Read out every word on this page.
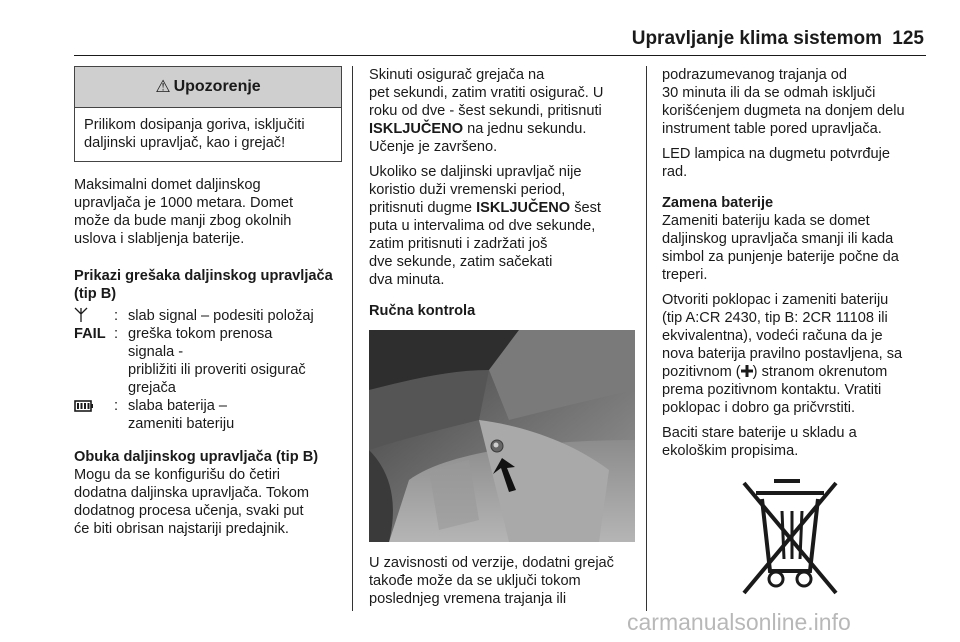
Upravljanje klima sistemom 125
⚠ Upozorenje
Prilikom dosipanja goriva, isključiti daljinski upravljač, kao i grejač!

Maksimalni domet daljinskog
upravljača je 1000 metara. Domet
može da bude manji zbog okolnih
uslova i slabljenja baterije.

Prikazi grešaka daljinskog upravljača
(tip B)
: slab signal – podesiti položaj
FAIL : greška tokom prenosa
signala -
približiti ili proveriti osigurač
grejača
: slaba baterija –
zameniti bateriju
Obuka daljinskog upravljača (tip B)

Mogu da se konfigurišu do četiri
dodatna daljinska upravljača. Tokom
dodatnog procesa učenja, svaki put
će biti obrisan najstariji predajnik.

Skinuti osigurač grejača na
pet sekundi, zatim vratiti osigurač. U
roku od dve - šest sekundi, pritisnuti
ISKLJUČENO na jednu sekundu.
Učenje je završeno.

Ukoliko se daljinski upravljač nije
koristio duži vremenski period,
pritisnuti dugme ISKLJUČENO šest
puta u intervalima od dve sekunde,
zatim pritisnuti i zadržati još
dve sekunde, zatim sačekati
dva minuta.

Ručna kontrola

U zavisnosti od verzije, dodatni grejač
takođe može da se uključi tokom
poslednjeg vremena trajanja ili

podrazumevanog trajanja od
30 minuta ili da se odmah isključi
korišćenjem dugmeta na donjem delu
instrument table pored upravljača.

LED lampica na dugmetu potvrđuje
rad.

Zamena baterije

Zameniti bateriju kada se domet
daljinskog upravljača smanji ili kada
simbol za punjenje baterije počne da
treperi.

Otvoriti poklopac i zameniti bateriju
(tip A:CR 2430, tip B: 2CR 11108 ili
ekvivalentna), vodeći računa da je
nova baterija pravilno postavljena, sa
pozitivnom ( ) stranom okrenutom
prema pozitivnom kontaktu. Vratiti
poklopac i dobro ga pričvrstiti.

Baciti stare baterije u skladu a
ekološkim propisima.

carmanualsonline.info
